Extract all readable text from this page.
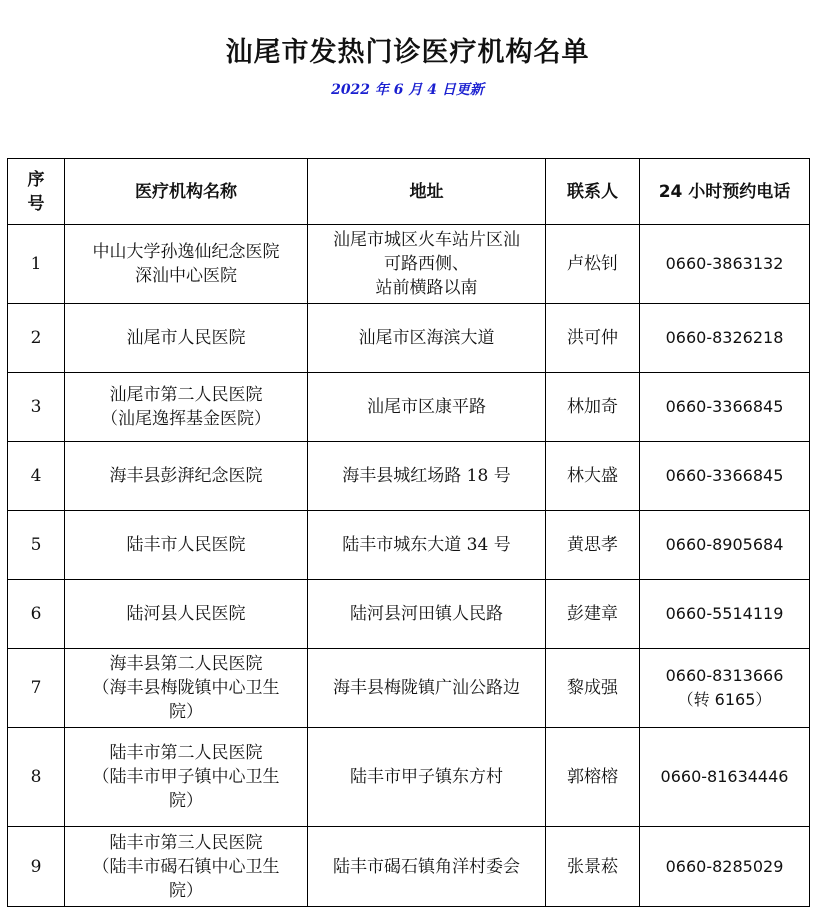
汕尾市发热门诊医疗机构名单
2022 年 6 月 4 日更新
序
号	医疗机构名称	地址	联系人	24 小时预约电话
1	中山大学孙逸仙纪念医院
深汕中心医院	汕尾市城区火车站片区汕
可路西侧、
站前横路以南	卢松钊	0660-3863132

2	汕尾市人民医院	汕尾市区海滨大道	洪可仲	0660-8326218

3	汕尾市第二人民医院
（汕尾逸挥基金医院）	汕尾市区康平路	林加奇	0660-3366845

4	海丰县彭湃纪念医院	海丰县城红场路 18 号	林大盛	0660-3366845

5	陆丰市人民医院	陆丰市城东大道 34 号	黄思孝	0660-8905684

6	陆河县人民医院	陆河县河田镇人民路	彭建章	0660-5514119

7	海丰县第二人民医院
（海丰县梅陇镇中心卫生
院）	海丰县梅陇镇广汕公路边	黎成强	0660-8313666
（转 6165）

8	陆丰市第二人民医院
（陆丰市甲子镇中心卫生
院）	陆丰市甲子镇东方村	郭榕榕	0660-81634446

9	陆丰市第三人民医院
（陆丰市碣石镇中心卫生
院）	陆丰市碣石镇角洋村委会	张景菘	0660-8285029
